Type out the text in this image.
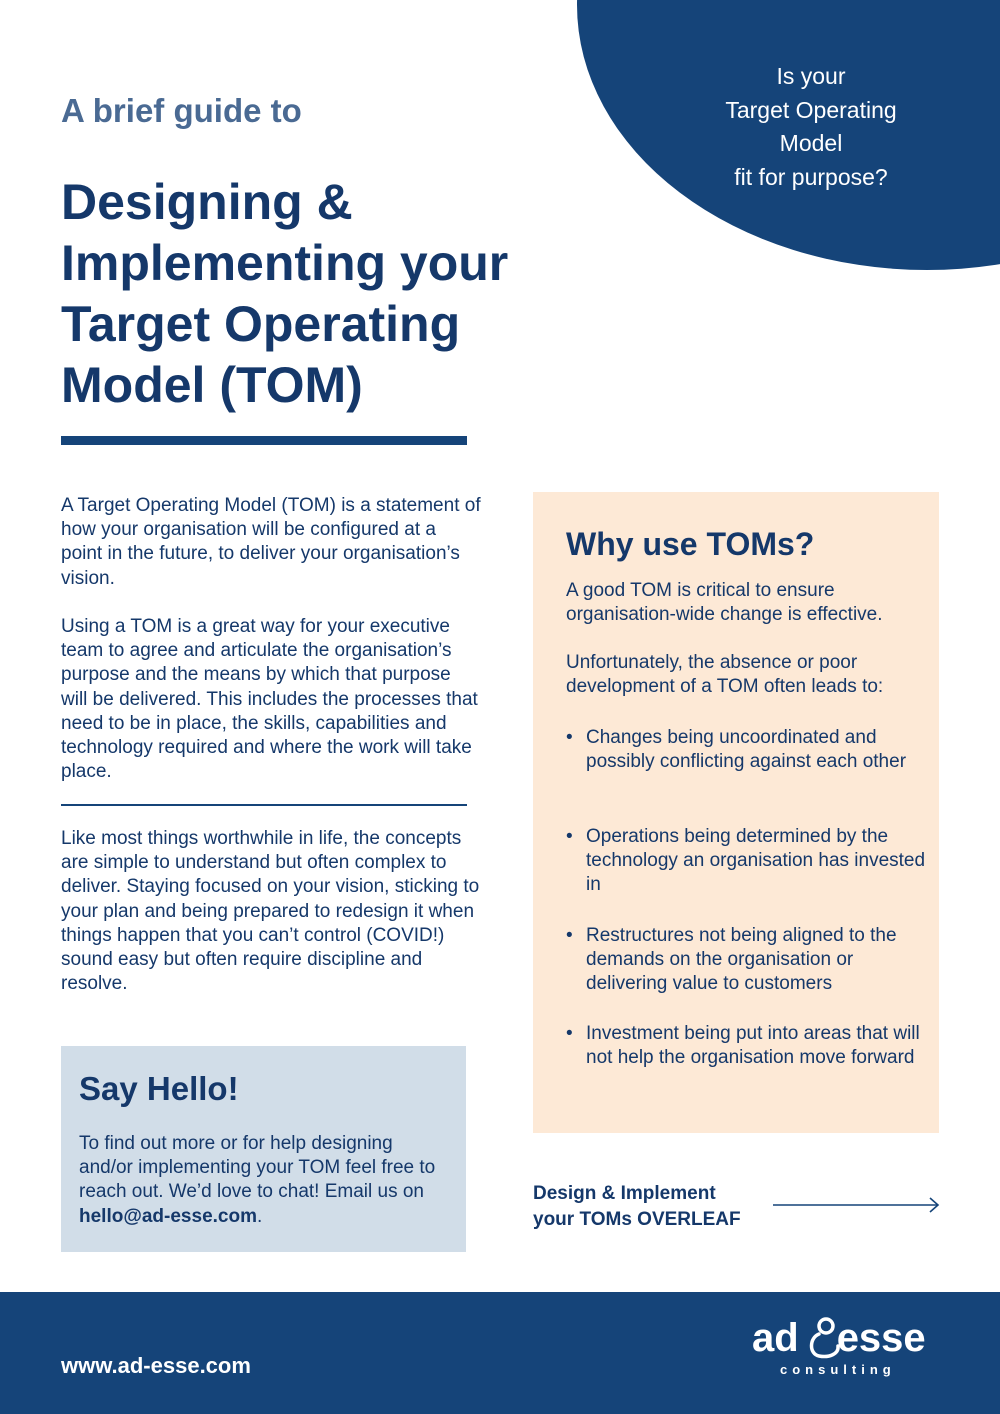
Is your
Target Operating
Model
fit for purpose?
A brief guide to
Designing & Implementing your Target Operating Model (TOM)

A Target Operating Model (TOM) is a statement of how your organisation will be configured at a point in the future, to deliver your organisation’s vision.

Using a TOM is a great way for your executive team to agree and articulate the organisation’s purpose and the means by which that purpose will be delivered. This includes the processes that need to be in place, the skills, capabilities and technology required and where the work will take place.

Like most things worthwhile in life, the concepts are simple to understand but often complex to deliver. Staying focused on your vision, sticking to your plan and being prepared to redesign it when things happen that you can’t control (COVID!) sound easy but often require discipline and resolve.

Say Hello!

To find out more or for help designing and/or implementing your TOM feel free to reach out. We’d love to chat! Email us on hello@ad-esse.com.

Why use TOMs?

A good TOM is critical to ensure organisation-wide change is effective.

Unfortunately, the absence or poor development of a TOM often leads to:

• Changes being uncoordinated and possibly conflicting against each other
• Operations being determined by the technology an organisation has invested in
• Restructures not being aligned to the demands on the organisation or delivering value to customers
• Investment being put into areas that will not help the organisation move forward
Design & Implement
your TOMs OVERLEAF
www.ad-esse.com
ad esse
consulting
